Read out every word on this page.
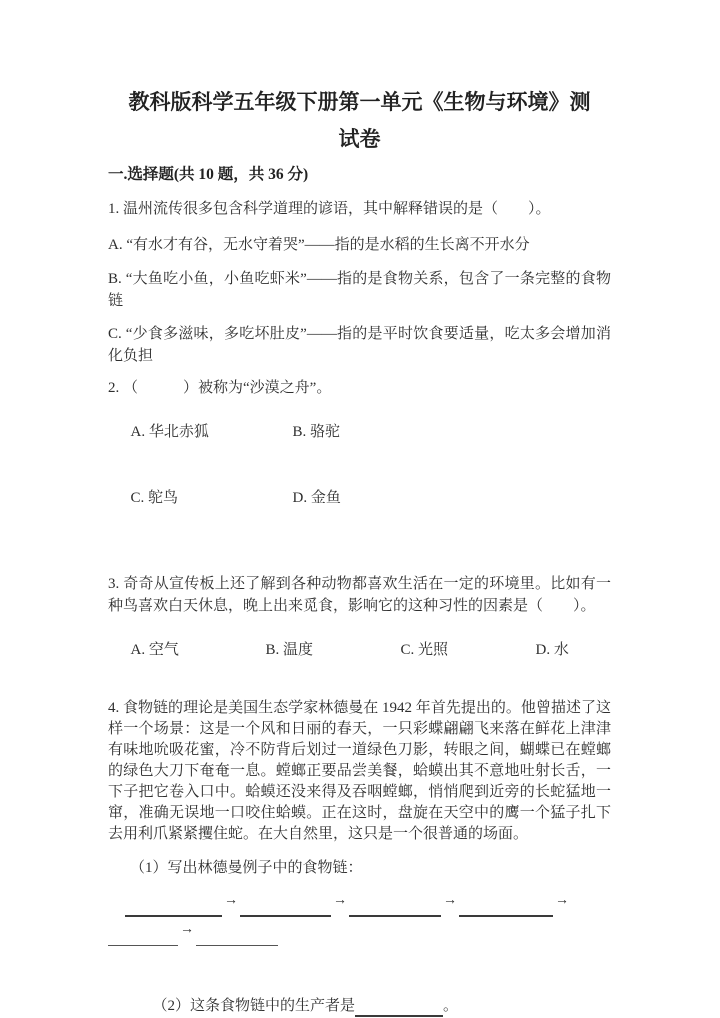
教科版科学五年级下册第一单元《生物与环境》测试卷
一.选择题(共 10 题，共 36 分)

1. 温州流传很多包含科学道理的谚语，其中解释错误的是（　　）。

A. “有水才有谷，无水守着哭”——指的是水稻的生长离不开水分

B. “大鱼吃小鱼，小鱼吃虾米”——指的是食物关系，包含了一条完整的食物链

C. “少食多滋味，多吃坏肚皮”——指的是平时饮食要适量，吃太多会增加消化负担

2. （　　　）被称为“沙漠之舟”。

A. 华北赤狐	B. 骆驼

C. 鸵鸟	D. 金鱼

3. 奇奇从宣传板上还了解到各种动物都喜欢生活在一定的环境里。比如有一种鸟喜欢白天休息，晚上出来觅食，影响它的这种习性的因素是（　　）。

A. 空气	B. 温度	C. 光照	D. 水

4. 食物链的理论是美国生态学家林德曼在 1942 年首先提出的。他曾描述了这样一个场景：这是一个风和日丽的春天，一只彩蝶翩翩飞来落在鲜花上津津有味地吮吸花蜜，冷不防背后划过一道绿色刀影，转眼之间，蝴蝶已在螳螂的绿色大刀下奄奄一息。螳螂正要品尝美餐，蛤蟆出其不意地吐射长舌，一下子把它卷入口中。蛤蟆还没来得及吞咽螳螂，悄悄爬到近旁的长蛇猛地一窜，准确无误地一口咬住蛤蟆。正在这时，盘旋在天空中的鹰一个猛子扎下去用利爪紧紧攫住蛇。在大自然里，这只是一个很普通的场面。

（1）写出林德曼例子中的食物链：

→	→	→	→
→

（2）这条食物链中的生产者是	。
